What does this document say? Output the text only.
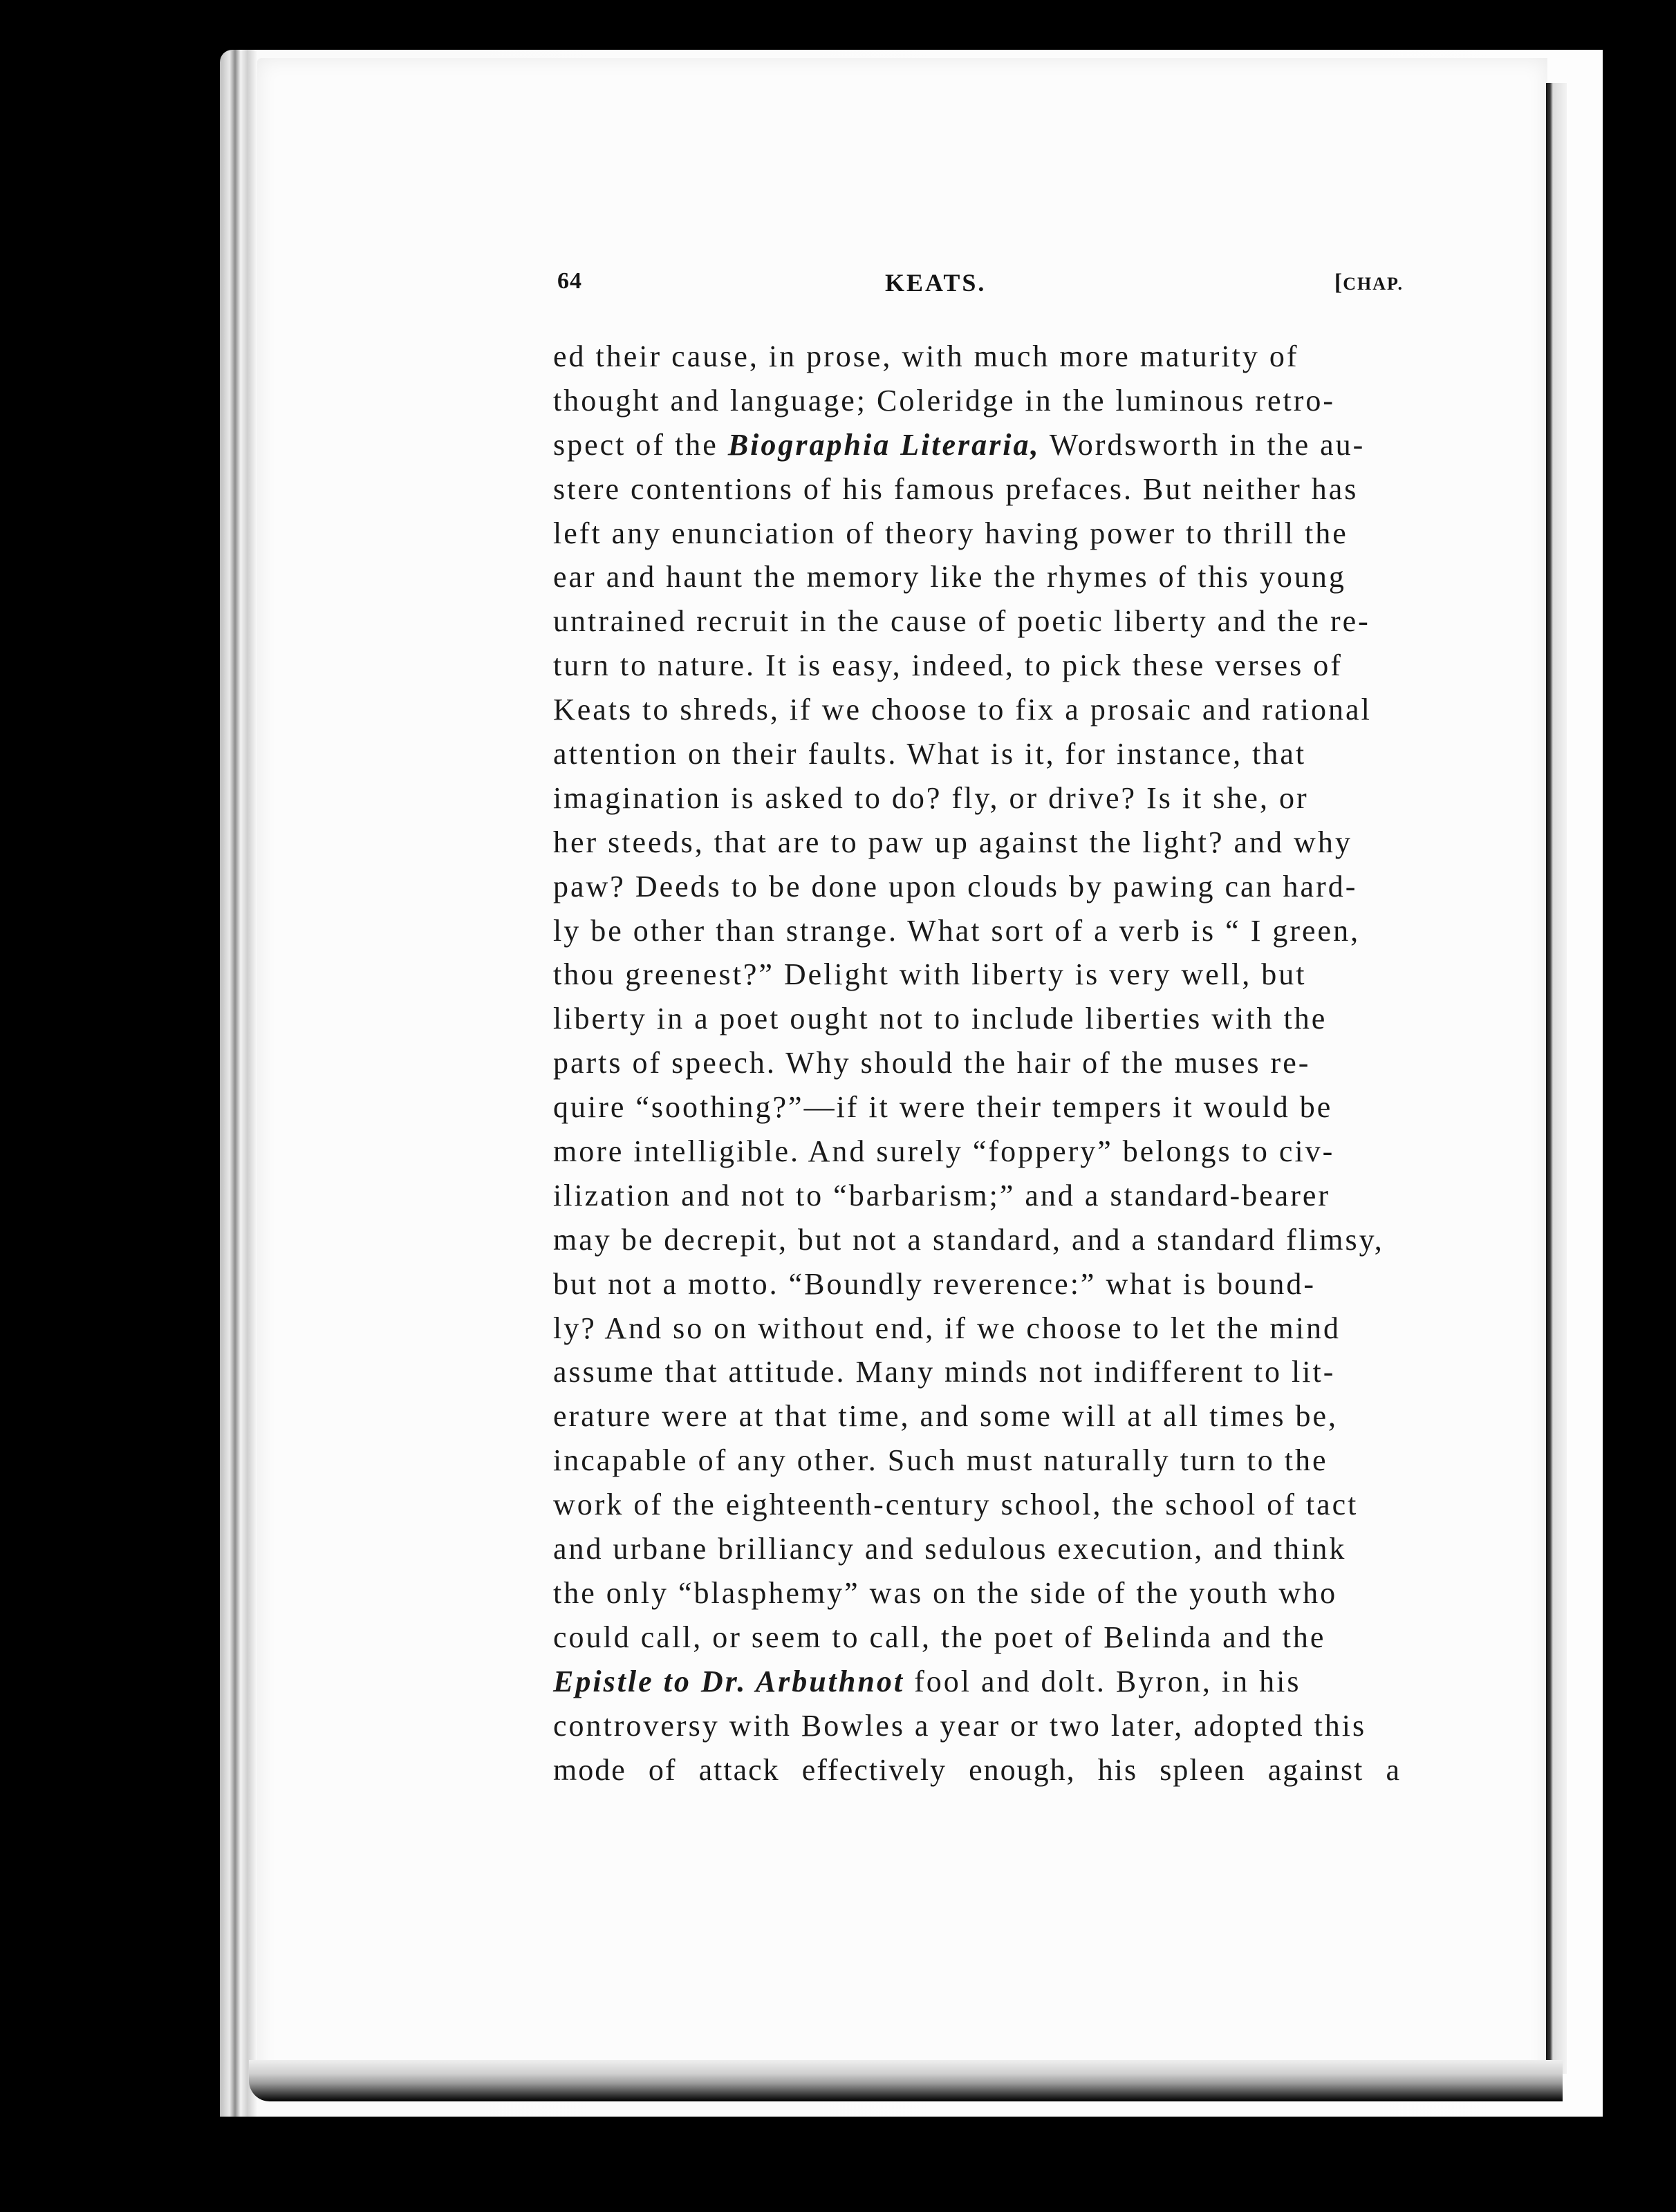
64	KEATS.	[CHAP.
ed their cause, in prose, with much more maturity of
thought and language; Coleridge in the luminous retro-
spect of the Biographia Literaria, Wordsworth in the au-
stere contentions of his famous prefaces. But neither has
left any enunciation of theory having power to thrill the
ear and haunt the memory like the rhymes of this young
untrained recruit in the cause of poetic liberty and the re-
turn to nature. It is easy, indeed, to pick these verses of
Keats to shreds, if we choose to fix a prosaic and rational
attention on their faults. What is it, for instance, that
imagination is asked to do? fly, or drive? Is it she, or
her steeds, that are to paw up against the light? and why
paw? Deeds to be done upon clouds by pawing can hard-
ly be other than strange. What sort of a verb is “ I green,
thou greenest?” Delight with liberty is very well, but
liberty in a poet ought not to include liberties with the
parts of speech. Why should the hair of the muses re-
quire “soothing?”—if it were their tempers it would be
more intelligible. And surely “foppery” belongs to civ-
ilization and not to “barbarism;” and a standard-bearer
may be decrepit, but not a standard, and a standard flimsy,
but not a motto. “Boundly reverence:” what is bound-
ly? And so on without end, if we choose to let the mind
assume that attitude. Many minds not indifferent to lit-
erature were at that time, and some will at all times be,
incapable of any other. Such must naturally turn to the
work of the eighteenth-century school, the school of tact
and urbane brilliancy and sedulous execution, and think
the only “blasphemy” was on the side of the youth who
could call, or seem to call, the poet of Belinda and the
Epistle to Dr. Arbuthnot fool and dolt. Byron, in his
controversy with Bowles a year or two later, adopted this
mode of attack effectively enough, his spleen against a
